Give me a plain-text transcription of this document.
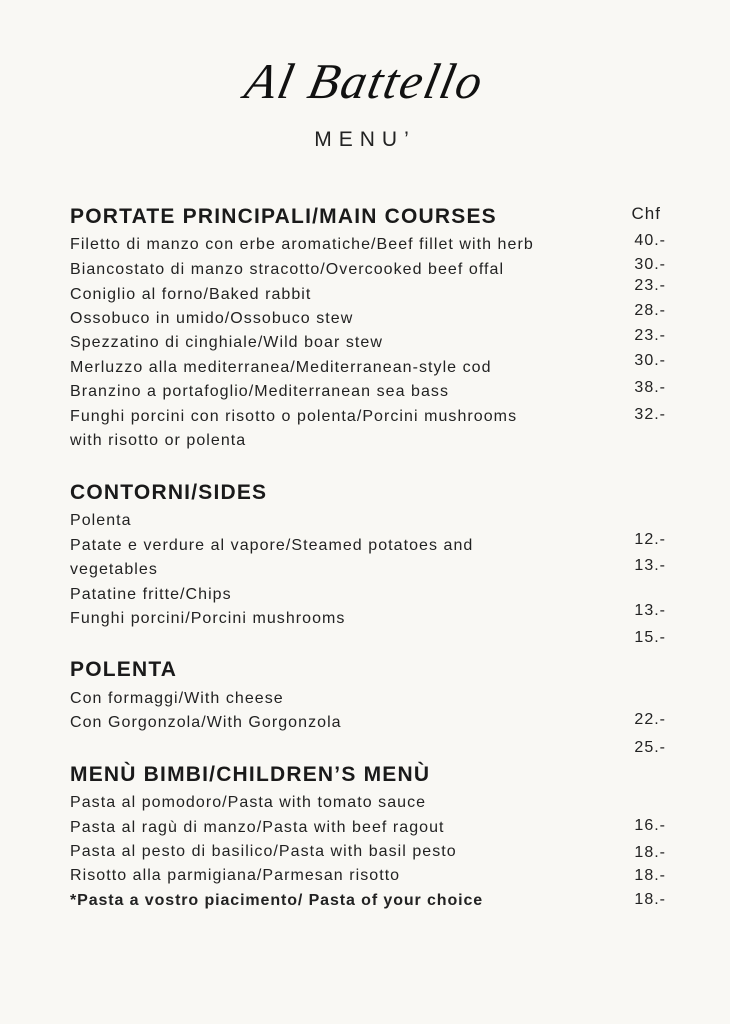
Al Battello
MENU’
PORTATE PRINCIPALI/MAIN COURSES	Chf
Filetto di manzo con erbe aromatiche/Beef fillet with herb
Biancostato di manzo stracotto/Overcooked beef offal
Coniglio al forno/Baked rabbit
Ossobuco in umido/Ossobuco stew
Spezzatino di cinghiale/Wild boar stew
Merluzzo alla mediterranea/Mediterranean-style cod
Branzino a portafoglio/Mediterranean sea bass
Funghi porcini con risotto o polenta/Porcini mushrooms
with risotto or polenta
40.-
30.-
23.-
28.-
23.-
30.-
38.-
32.-
CONTORNI/SIDES
Polenta
Patate e verdure al vapore/Steamed potatoes and
vegetables
Patatine fritte/Chips
Funghi porcini/Porcini mushrooms
12.-
13.-
13.-
15.-
POLENTA
Con formaggi/With cheese
Con Gorgonzola/With Gorgonzola	22.-
25.-
MENÙ BIMBI/CHILDREN’S MENÙ
Pasta al pomodoro/Pasta with tomato sauce
Pasta al ragù di manzo/Pasta with beef ragout
Pasta al pesto di basilico/Pasta with basil pesto
Risotto alla parmigiana/Parmesan risotto
*Pasta a vostro piacimento/ Pasta of your choice
16.-
18.-
18.-
18.-
